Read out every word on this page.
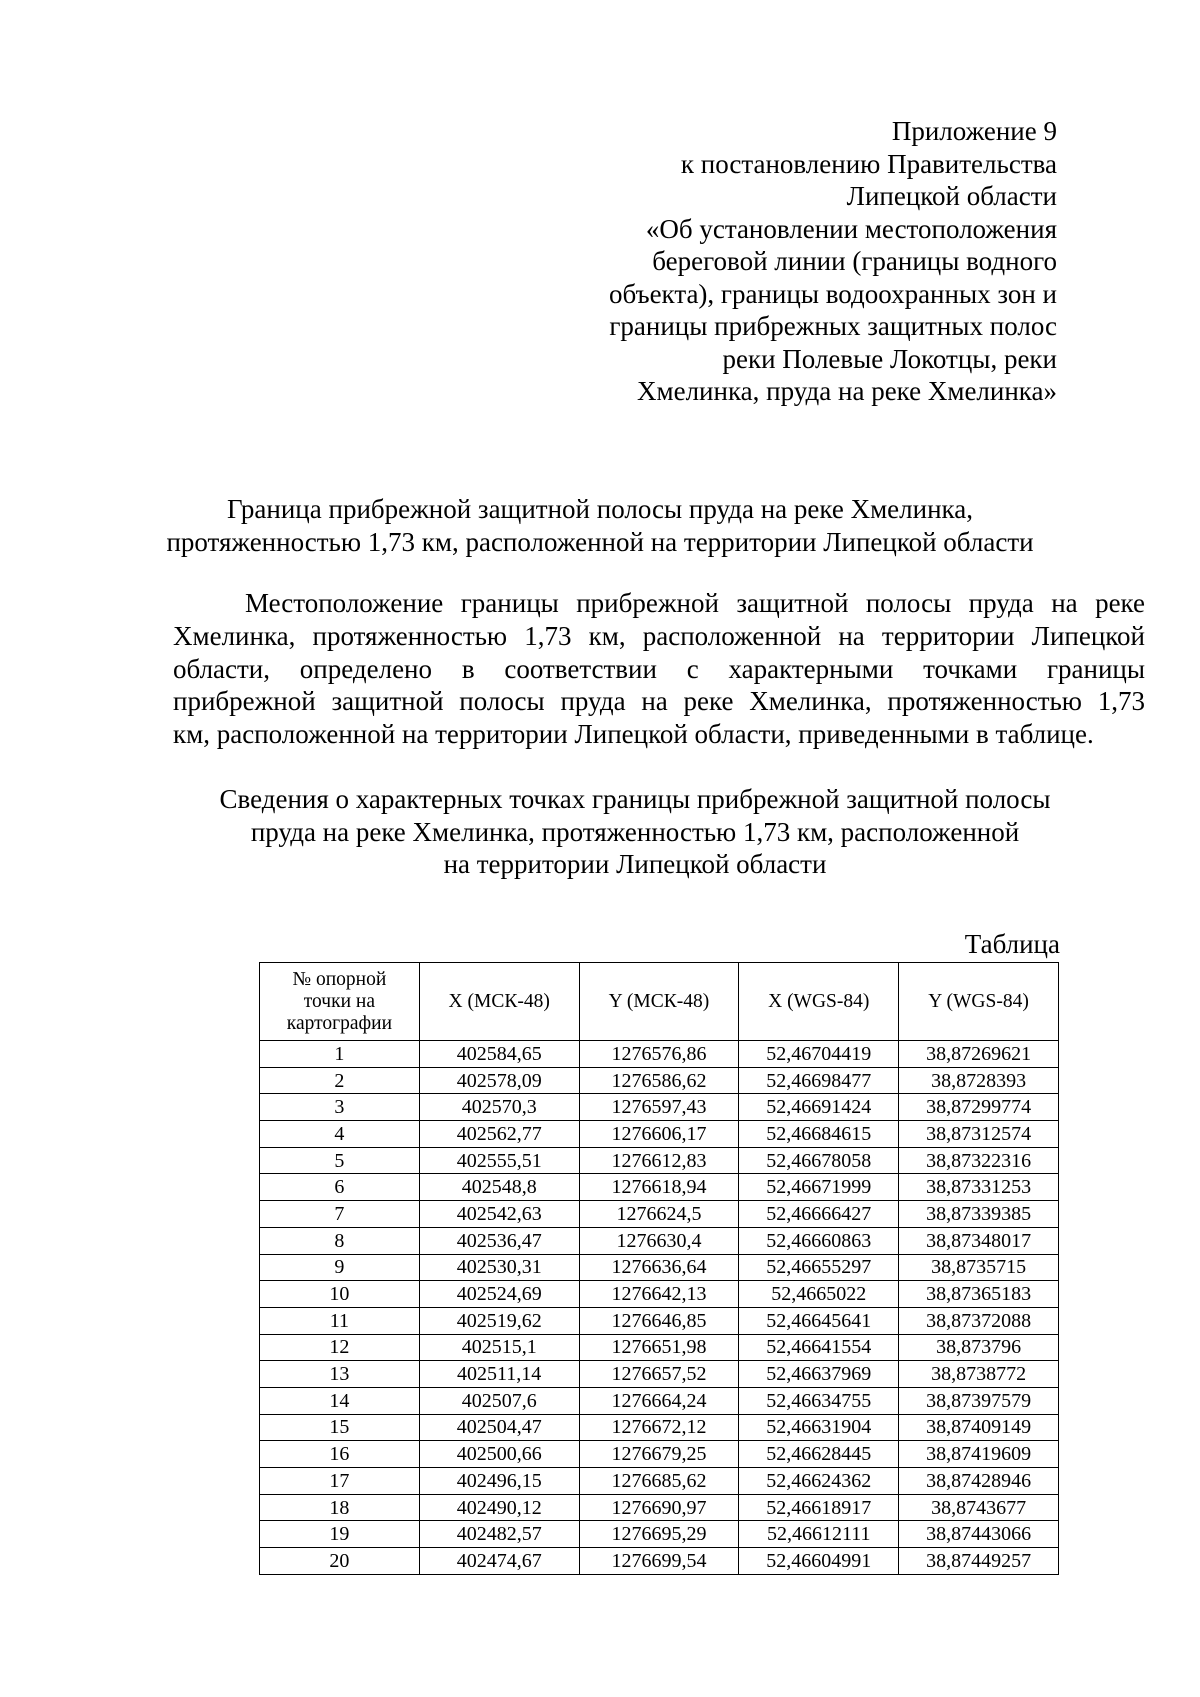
Приложение 9
к постановлению Правительства
Липецкой области
«Об установлении местоположения
береговой линии (границы водного
объекта), границы водоохранных зон и
границы прибрежных защитных полос
реки Полевые Локотцы, реки
Хмелинка, пруда на реке Хмелинка»
Граница прибрежной защитной полосы пруда на реке Хмелинка,
протяженностью 1,73 км, расположенной на территории Липецкой области
Местоположение границы прибрежной защитной полосы пруда на реке
Хмелинка, протяженностью 1,73 км, расположенной на территории Липецкой
области, определено в соответствии с характерными точками границы
прибрежной защитной полосы пруда на реке Хмелинка, протяженностью 1,73
км, расположенной на территории Липецкой области, приведенными в таблице.
Сведения о характерных точках границы прибрежной защитной полосы
пруда на реке Хмелинка, протяженностью 1,73 км, расположенной
на территории Липецкой области
Таблица
№ опорной
точки на
картографии	X (МСК-48)	Y (МСК-48)	X (WGS-84)	Y (WGS-84)
1	402584,65	1276576,86	52,46704419	38,87269621
2	402578,09	1276586,62	52,46698477	38,8728393
3	402570,3	1276597,43	52,46691424	38,87299774
4	402562,77	1276606,17	52,46684615	38,87312574
5	402555,51	1276612,83	52,46678058	38,87322316
6	402548,8	1276618,94	52,46671999	38,87331253
7	402542,63	1276624,5	52,46666427	38,87339385
8	402536,47	1276630,4	52,46660863	38,87348017
9	402530,31	1276636,64	52,46655297	38,8735715
10	402524,69	1276642,13	52,4665022	38,87365183
11	402519,62	1276646,85	52,46645641	38,87372088
12	402515,1	1276651,98	52,46641554	38,873796
13	402511,14	1276657,52	52,46637969	38,8738772
14	402507,6	1276664,24	52,46634755	38,87397579
15	402504,47	1276672,12	52,46631904	38,87409149
16	402500,66	1276679,25	52,46628445	38,87419609
17	402496,15	1276685,62	52,46624362	38,87428946
18	402490,12	1276690,97	52,46618917	38,8743677
19	402482,57	1276695,29	52,46612111	38,87443066
20	402474,67	1276699,54	52,46604991	38,87449257
